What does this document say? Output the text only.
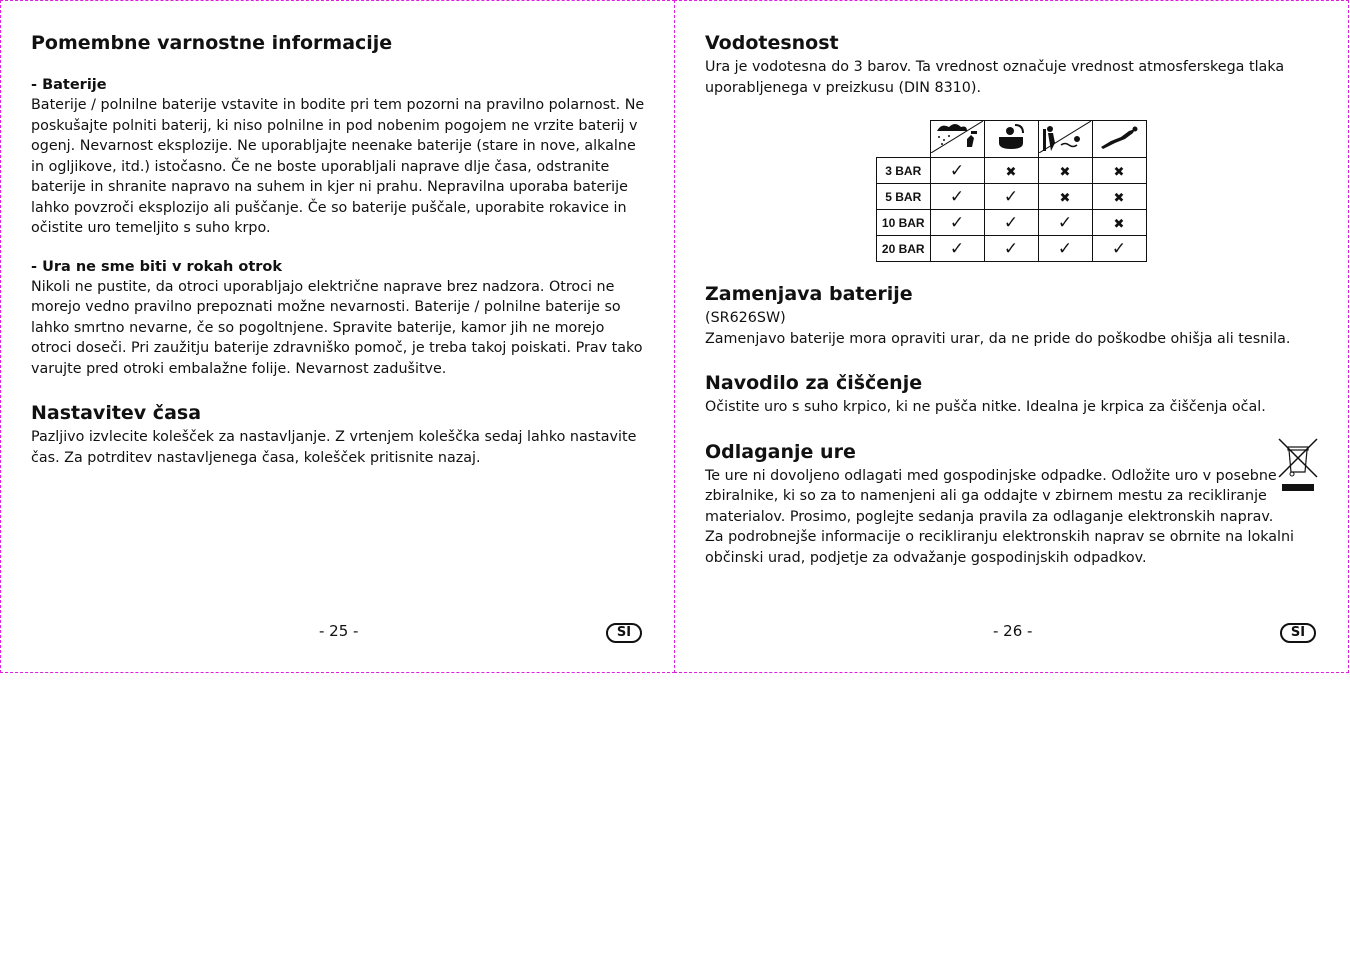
Pomembne varnostne informacije
- Baterije

Baterije / polnilne baterije vstavite in bodite pri tem pozorni na pravilno polarnost. Ne poskušajte polniti baterij, ki niso polnilne in pod nobenim pogojem ne vrzite baterij v ogenj. Nevarnost eksplozije. Ne uporabljajte neenake baterije (stare in nove, alkalne in ogljikove, itd.) istočasno. Če ne boste uporabljali naprave dlje časa, odstranite baterije in shranite napravo na suhem in kjer ni prahu. Nepravilna uporaba baterije lahko povzroči eksplozijo ali puščanje. Če so baterije puščale, uporabite rokavice in očistite uro temeljito s suho krpo.

- Ura ne sme biti v rokah otrok

Nikoli ne pustite, da otroci uporabljajo električne naprave brez nadzora. Otroci ne morejo vedno pravilno prepoznati možne nevarnosti. Baterije / polnilne baterije so lahko smrtno nevarne, če so pogoltnjene. Spravite baterije, kamor jih ne morejo otroci doseči. Pri zaužitju baterije zdravniško pomoč, je treba takoj poiskati. Prav tako varujte pred otroki embalažne folije. Nevarnost zadušitve.

Nastavitev časa

Pazljivo izvlecite kolešček za nastavljanje. Z vrtenjem koleščka sedaj lahko nastavite čas. Za potrditev nastavljenega časa, kolešček pritisnite nazaj.

- 25 -	SI
Vodotesnost

Ura je vodotesna do 3 barov. Ta vrednost označuje vrednost atmosferskega tlaka uporabljenega v preizkusu (DIN 8310).

3 BAR	✓	✖	✖	✖
5 BAR	✓	✓	✖	✖
10 BAR	✓	✓	✓	✖
20 BAR	✓	✓	✓	✓
Zamenjava baterije

(SR626SW)

Zamenjavo baterije mora opraviti urar, da ne pride do poškodbe ohišja ali tesnila.

Navodilo za čiščenje

Očistite uro s suho krpico, ki ne pušča nitke. Idealna je krpica za čiščenja očal.

Odlaganje ure

Te ure ni dovoljeno odlagati med gospodinjske odpadke. Odložite uro v posebne zbiralnike, ki so za to namenjeni ali ga oddajte v zbirnem mestu za recikliranje materialov. Prosimo, poglejte sedanja pravila za odlaganje elektronskih naprav. Za podrobnejše informacije o recikliranju elektronskih naprav se obrnite na lokalni občinski urad, podjetje za odvažanje gospodinjskih odpadkov.

- 26 -	SI
